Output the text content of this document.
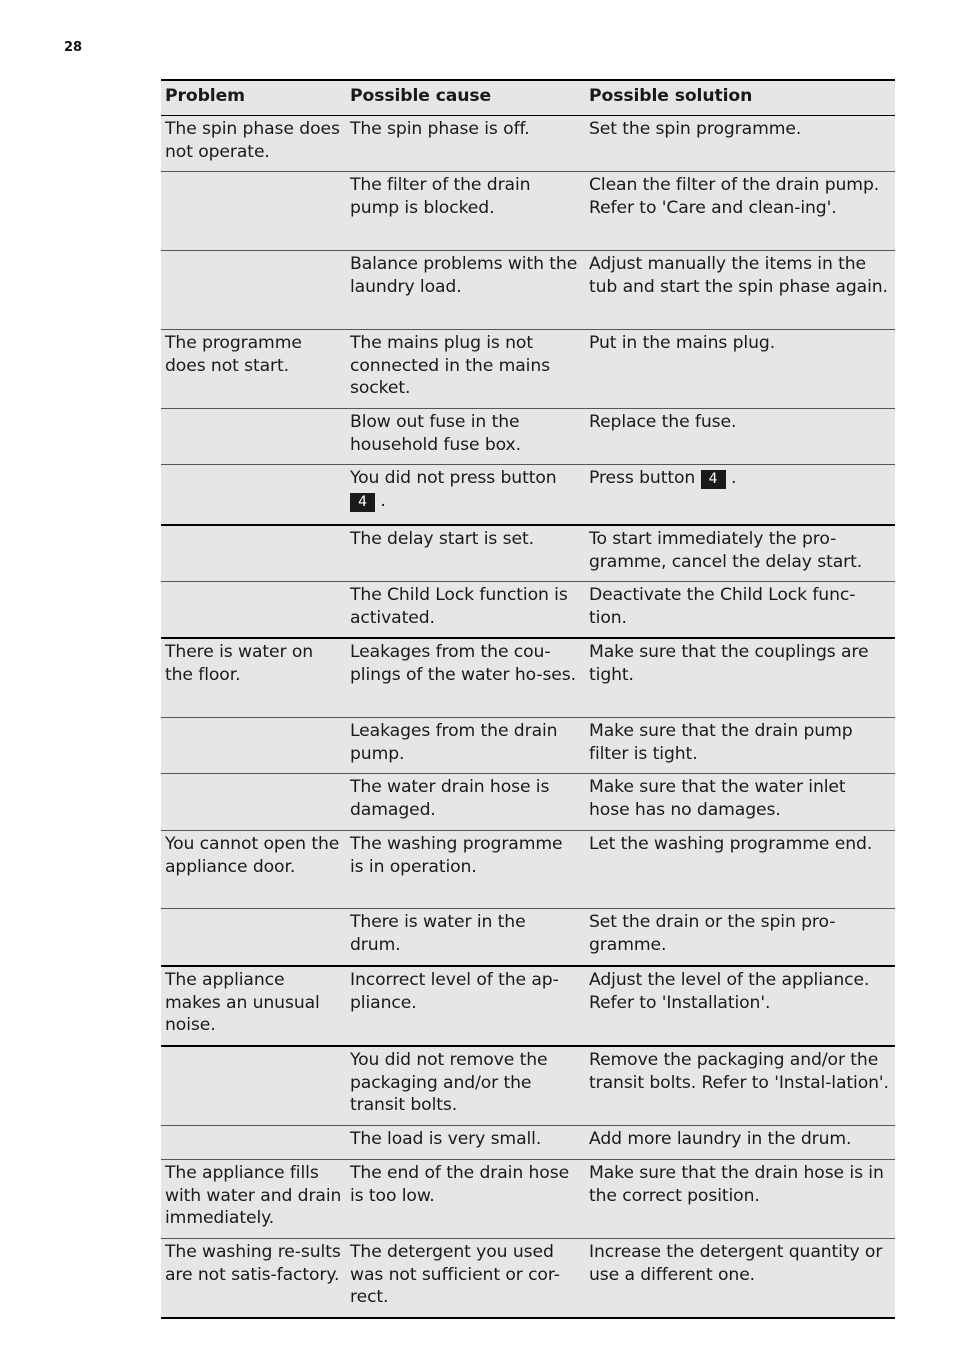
28
Problem	Possible cause	Possible solution
The spin phase does not operate.	The spin phase is off.	Set the spin programme.
	The filter of the drain pump is blocked.	Clean the filter of the drain pump. Refer to 'Care and clean-ing'.
	Balance problems with the laundry load.	Adjust manually the items in the tub and start the spin phase again.
The programme does not start.	The mains plug is not connected in the mains socket.	Put in the mains plug.
	Blow out fuse in the household fuse box.	Replace the fuse.
	You did not press button 4 .	Press button 4 .
	The delay start is set.	To start immediately the pro-gramme, cancel the delay start.
	The Child Lock function is activated.	Deactivate the Child Lock func-tion.
There is water on the floor.	Leakages from the cou-plings of the water ho-ses.	Make sure that the couplings are tight.
	Leakages from the drain pump.	Make sure that the drain pump filter is tight.
	The water drain hose is damaged.	Make sure that the water inlet hose has no damages.
You cannot open the appliance door.	The washing programme is in operation.	Let the washing programme end.
	There is water in the drum.	Set the drain or the spin pro-gramme.
The appliance makes an unusual noise.	Incorrect level of the ap-pliance.	Adjust the level of the appliance. Refer to 'Installation'.
	You did not remove the packaging and/or the transit bolts.	Remove the packaging and/or the transit bolts. Refer to 'Instal-lation'.
	The load is very small.	Add more laundry in the drum.
The appliance fills with water and drain immediately.	The end of the drain hose is too low.	Make sure that the drain hose is in the correct position.
The washing re-sults are not satis-factory.	The detergent you used was not sufficient or cor-rect.	Increase the detergent quantity or use a different one.
